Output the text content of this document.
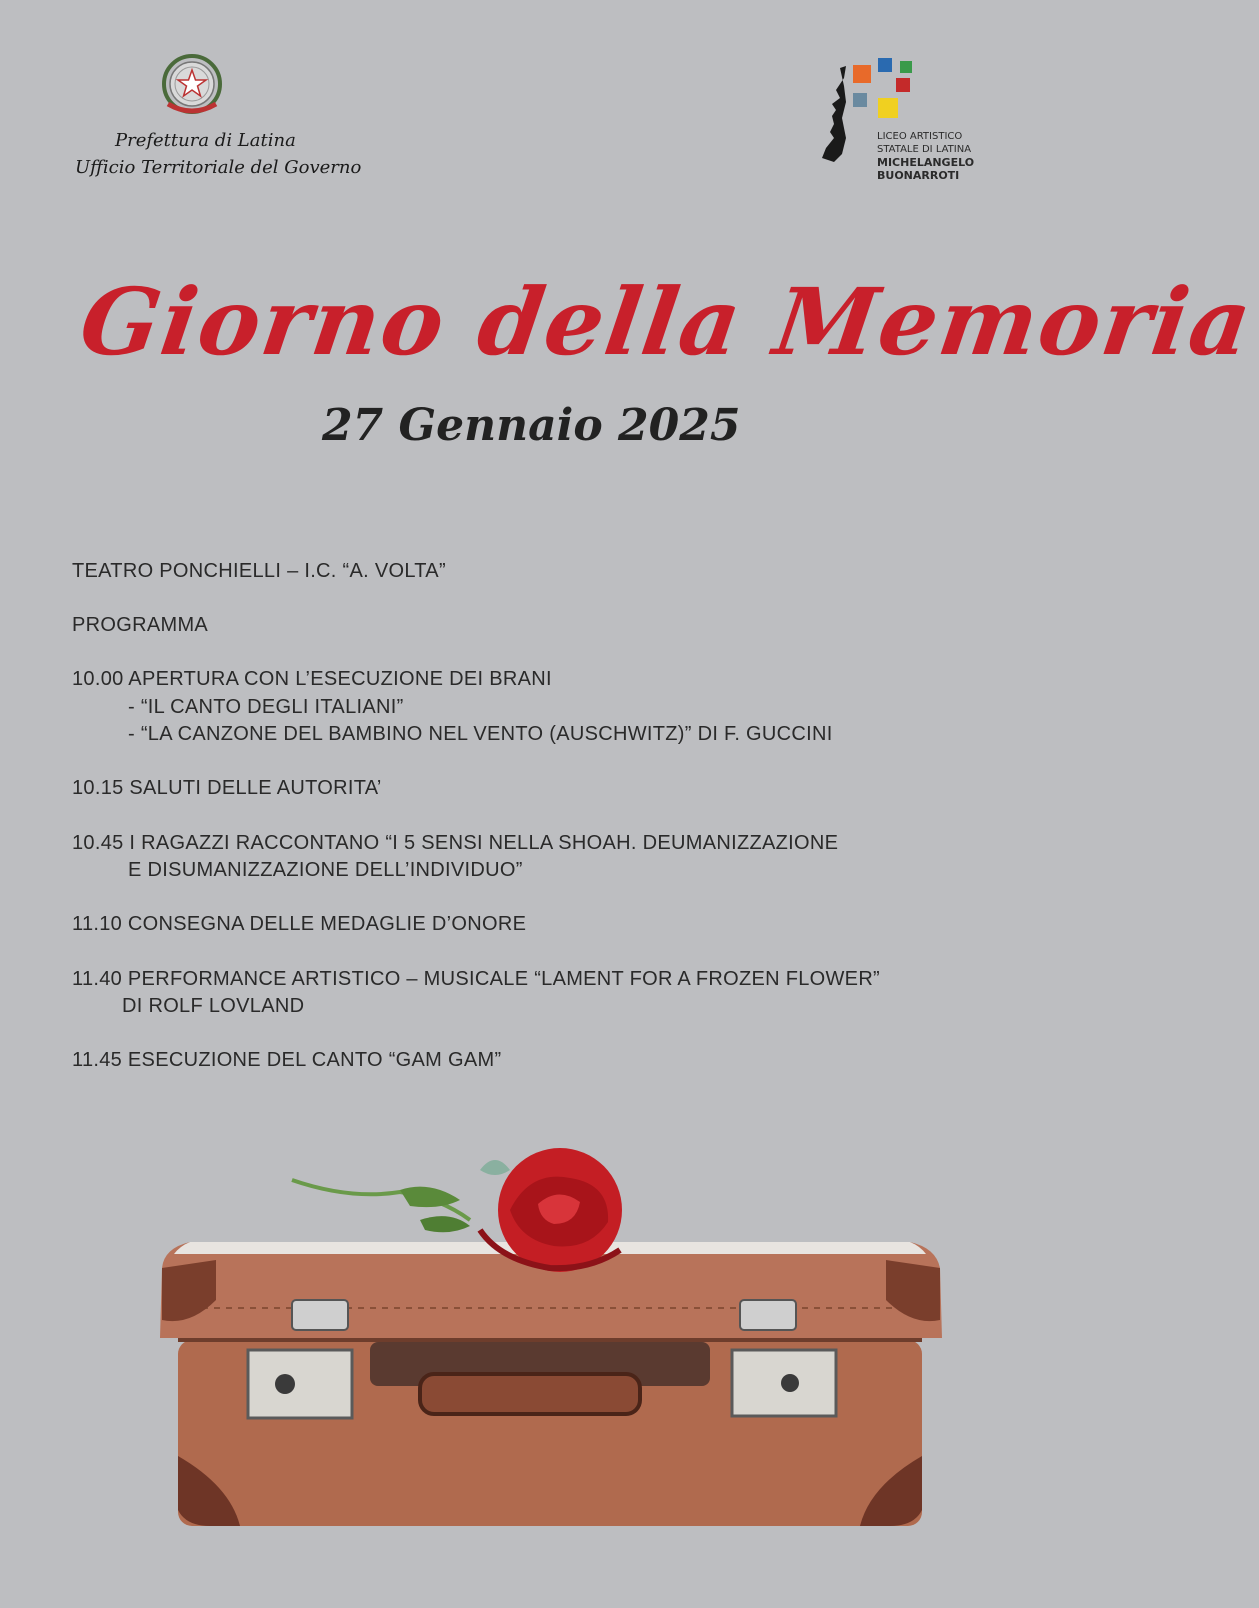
Prefettura di Latina
Ufficio Territoriale del Governo
LICEO ARTISTICO
STATALE DI LATINA
MICHELANGELO
BUONARROTI
Giorno della Memoria
27 Gennaio 2025
TEATRO PONCHIELLI – I.C. “A. VOLTA”
PROGRAMMA
10.00 APERTURA CON L’ESECUZIONE DEI BRANI
- “IL CANTO DEGLI ITALIANI”
- “LA CANZONE DEL BAMBINO NEL VENTO (AUSCHWITZ)” DI F. GUCCINI
10.15 SALUTI DELLE AUTORITA’
10.45 I RAGAZZI RACCONTANO “I 5 SENSI NELLA SHOAH. DEUMANIZZAZIONE
E DISUMANIZZAZIONE DELL’INDIVIDUO”
11.10 CONSEGNA DELLE MEDAGLIE D’ONORE
11.40 PERFORMANCE ARTISTICO – MUSICALE “LAMENT FOR A FROZEN FLOWER”
DI ROLF LOVLAND
11.45 ESECUZIONE DEL CANTO “GAM GAM”
